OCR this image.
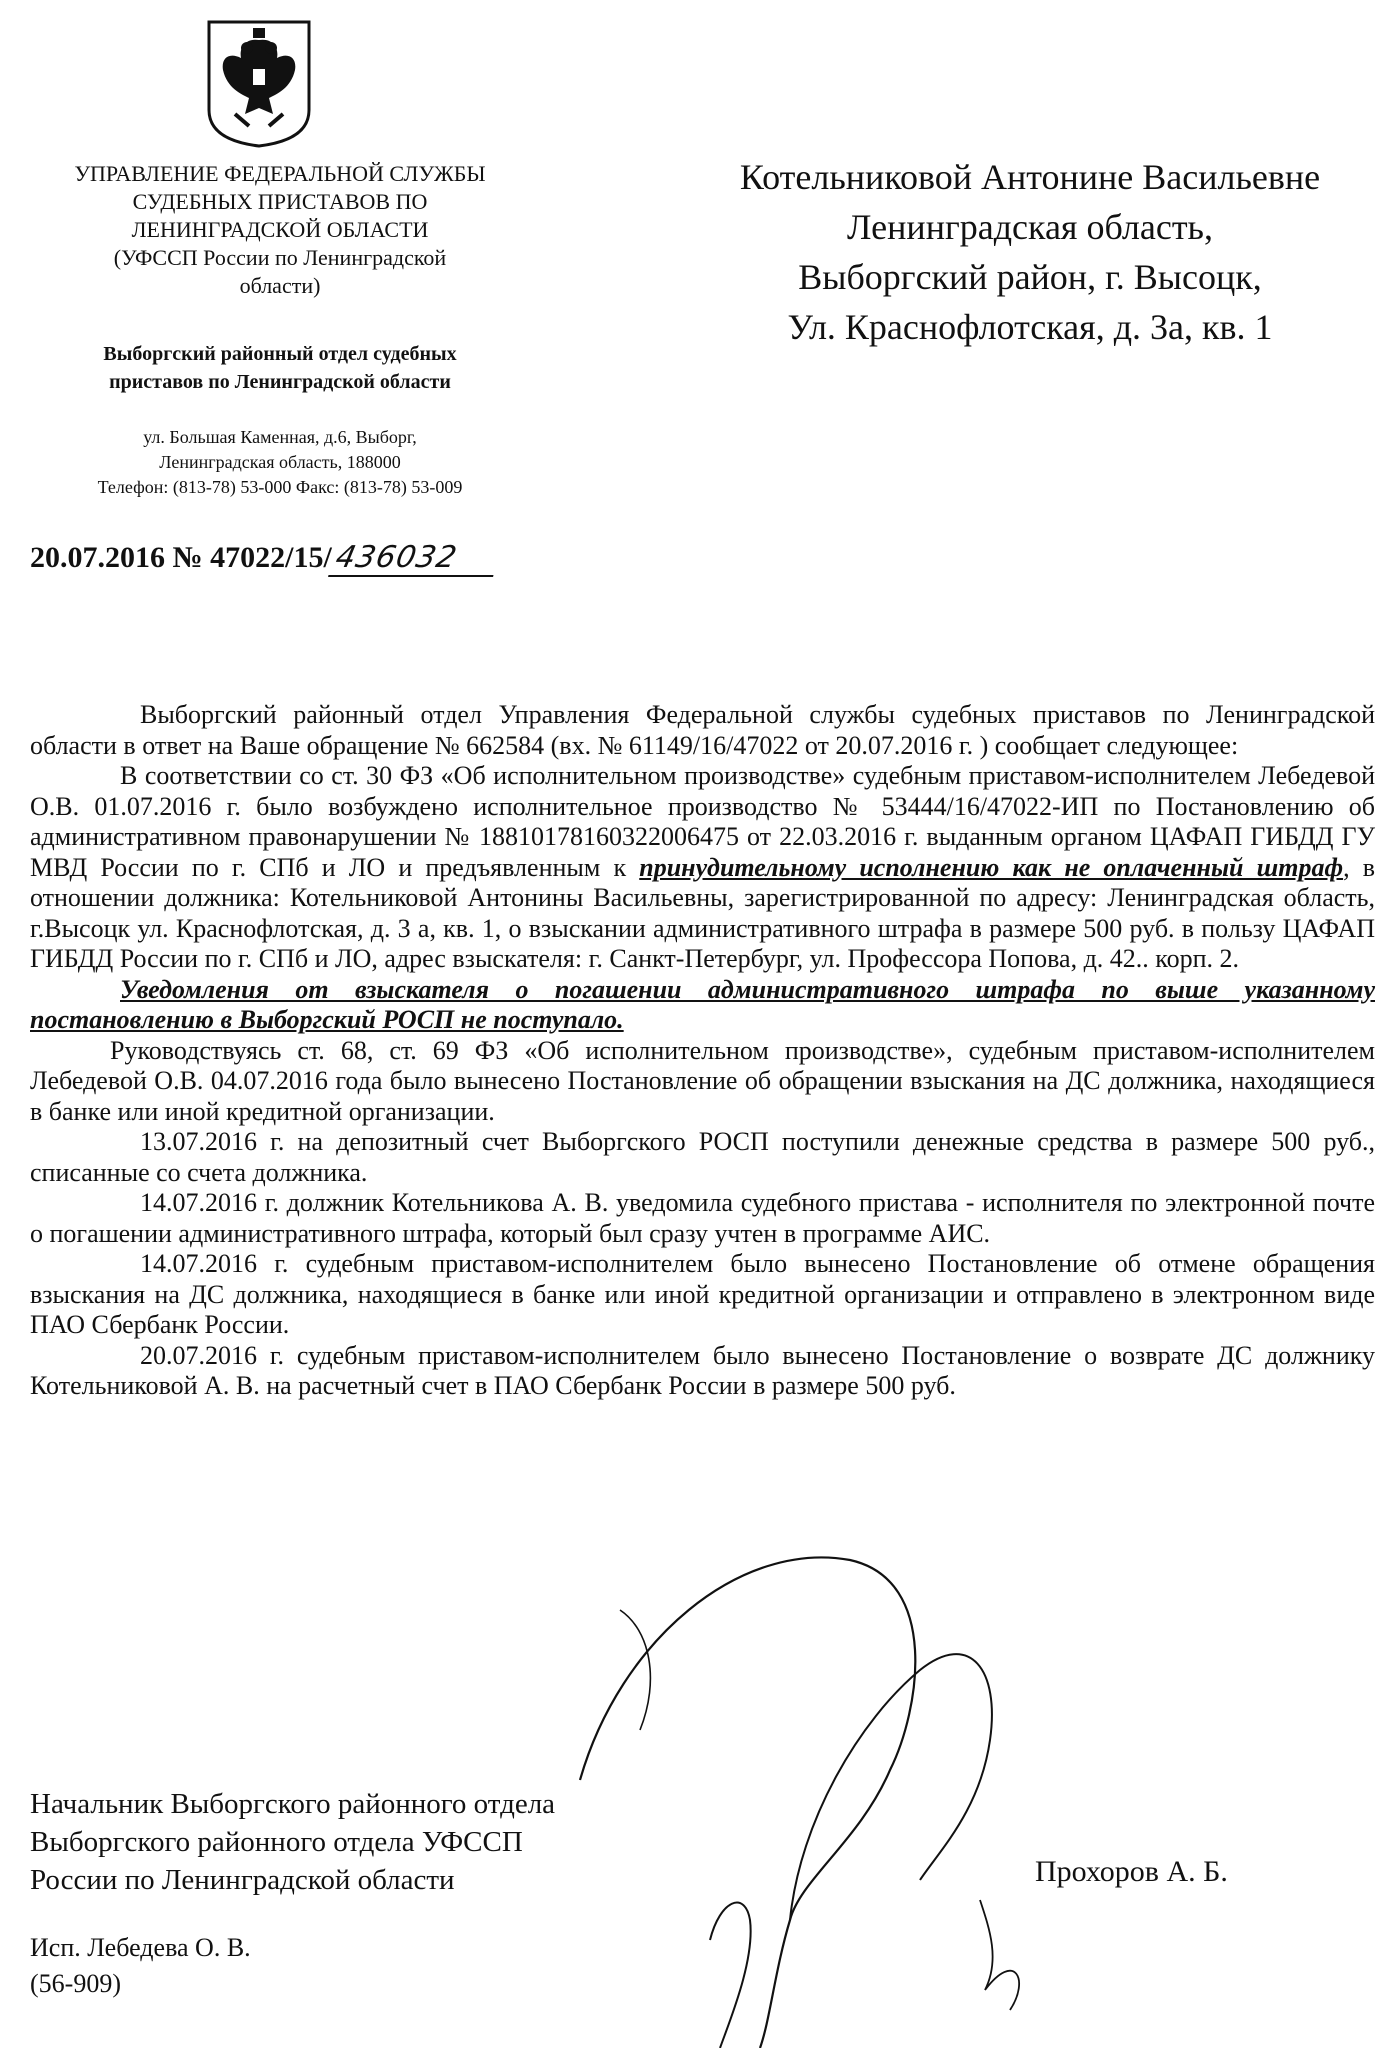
УПРАВЛЕНИЕ ФЕДЕРАЛЬНОЙ СЛУЖБЫ
СУДЕБНЫХ ПРИСТАВОВ ПО
ЛЕНИНГРАДСКОЙ ОБЛАСТИ
(УФССП России по Ленинградской
области)
Выборгский районный отдел судебных
приставов по Ленинградской области
ул. Большая Каменная, д.6, Выборг,
Ленинградская область, 188000
Телефон: (813-78) 53-000 Факс: (813-78) 53-009
20.07.2016 № 47022/15/436032
Котельниковой Антонине Васильевне
Ленинградская область,
Выборгский район, г. Высоцк,
Ул. Краснофлотская, д. 3а, кв. 1

Выборгский районный отдел Управления Федеральной службы судебных приставов по Ленинградской области в ответ на Ваше обращение № 662584 (вх. № 61149/16/47022 от 20.07.2016 г. ) сообщает следующее:

В соответствии со ст. 30 ФЗ «Об исполнительном производстве» судебным приставом-исполнителем Лебедевой О.В. 01.07.2016 г. было возбуждено исполнительное производство № 53444/16/47022-ИП по Постановлению об административном правонарушении № 18810178160322006475 от 22.03.2016 г. выданным органом ЦАФАП ГИБДД ГУ МВД России по г. СПб и ЛО и предъявленным к принудительному исполнению как не оплаченный штраф, в отношении должника: Котельниковой Антонины Васильевны, зарегистрированной по адресу: Ленинградская область, г.Высоцк ул. Краснофлотская, д. 3 а, кв. 1, о взыскании административного штрафа в размере 500 руб. в пользу ЦАФАП ГИБДД России по г. СПб и ЛО, адрес взыскателя: г. Санкт-Петербург, ул. Профессора Попова, д. 42.. корп. 2.

Уведомления от взыскателя о погашении административного штрафа по выше указанному постановлению в Выборгский РОСП не поступало.

Руководствуясь ст. 68, ст. 69 ФЗ «Об исполнительном производстве», судебным приставом-исполнителем Лебедевой О.В. 04.07.2016 года было вынесено Постановление об обращении взыскания на ДС должника, находящиеся в банке или иной кредитной организации.

13.07.2016 г. на депозитный счет Выборгского РОСП поступили денежные средства в размере 500 руб., списанные со счета должника.

14.07.2016 г. должник Котельникова А. В. уведомила судебного пристава - исполнителя по электронной почте о погашении административного штрафа, который был сразу учтен в программе АИС.

14.07.2016 г. судебным приставом-исполнителем было вынесено Постановление об отмене обращения взыскания на ДС должника, находящиеся в банке или иной кредитной организации и отправлено в электронном виде ПАО Сбербанк России.

20.07.2016 г. судебным приставом-исполнителем было вынесено Постановление о возврате ДС должнику Котельниковой А. В. на расчетный счет в ПАО Сбербанк России в размере 500 руб.

Начальник Выборгского районного отдела
Выборгского районного отдела УФССП
России по Ленинградской области	Прохоров А. Б.
Исп. Лебедева О. В.
(56-909)
